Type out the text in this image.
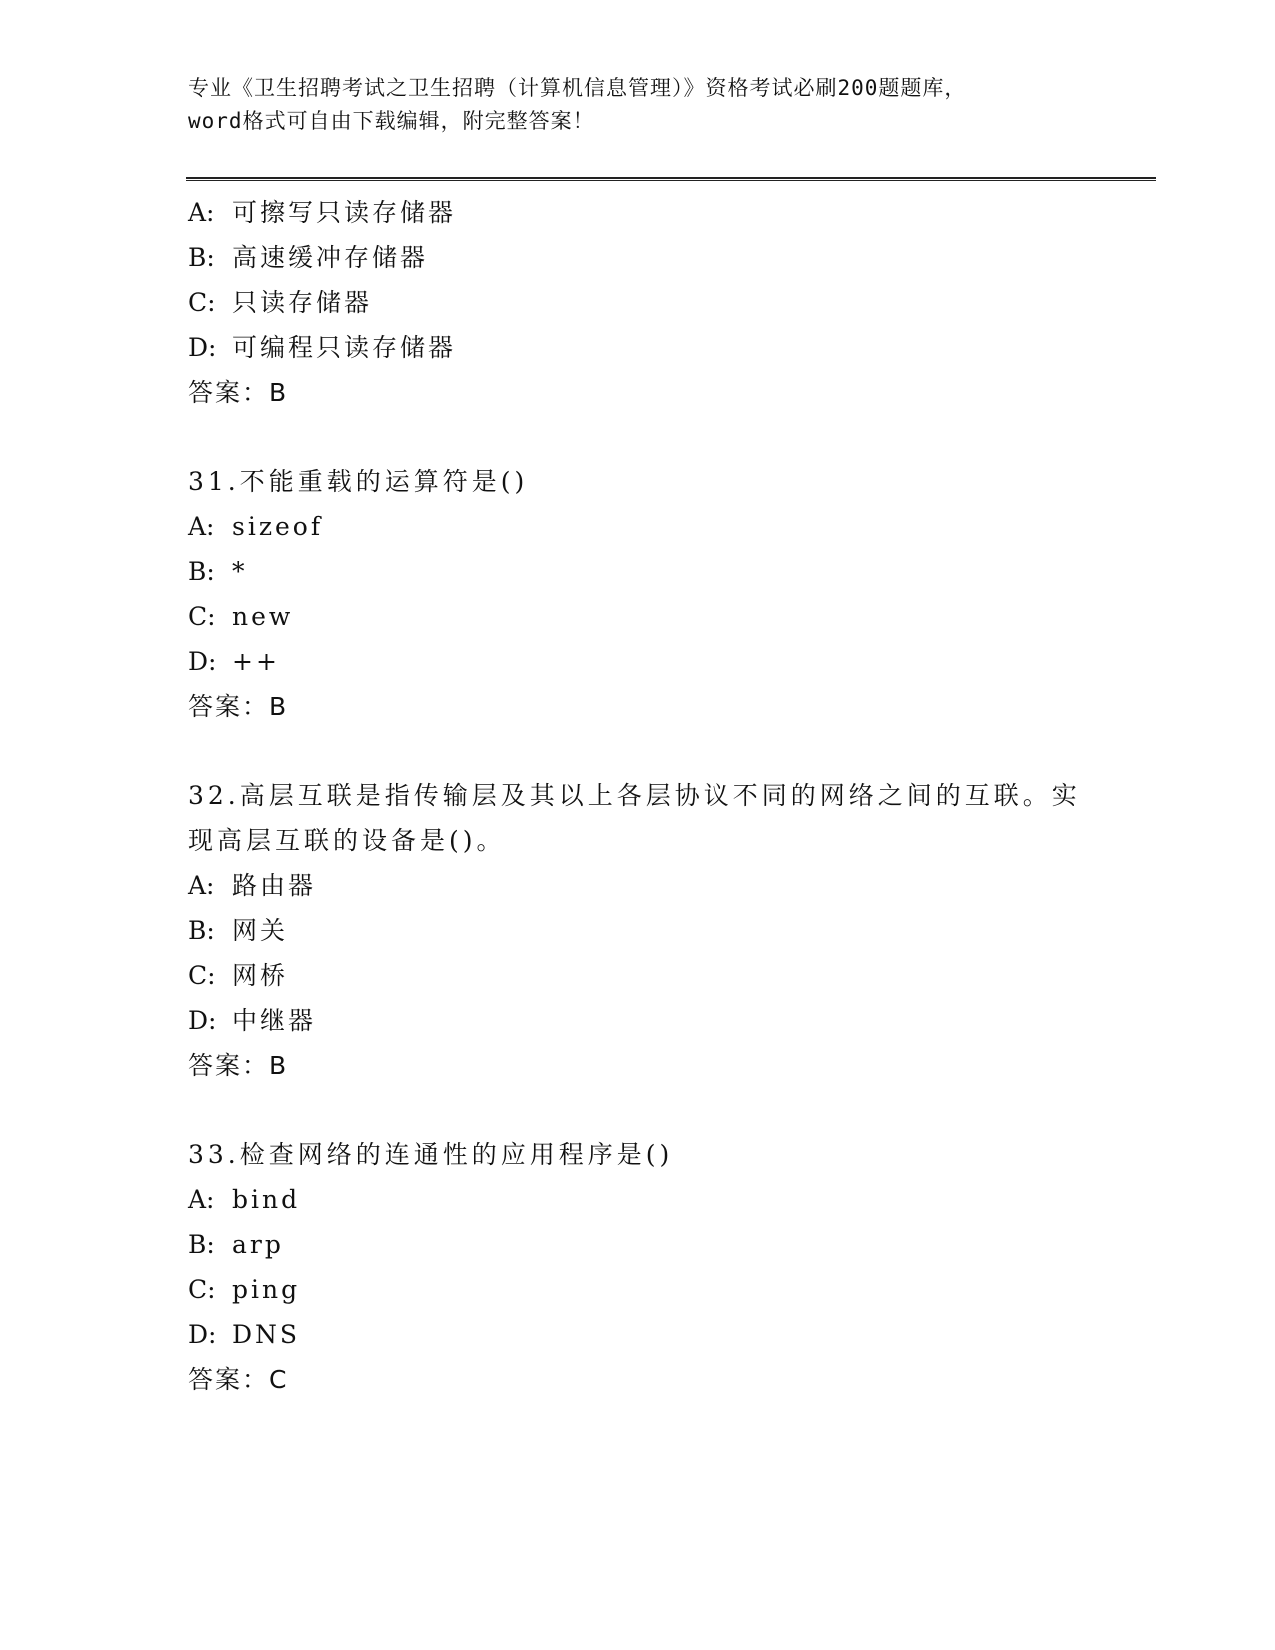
专业《卫生招聘考试之卫生招聘（计算机信息管理）》资格考试必刷200题题库，
word格式可自由下载编辑，附完整答案！
A: 可擦写只读存储器
B: 高速缓冲存储器
C: 只读存储器
D: 可编程只读存储器
答案：B
31.不能重载的运算符是()
A: sizeof
B: *
C: new
D: ++
答案：B
32.高层互联是指传输层及其以上各层协议不同的网络之间的互联。实现高层互联的设备是()。
A: 路由器
B: 网关
C: 网桥
D: 中继器
答案：B
33.检查网络的连通性的应用程序是()
A: bind
B: arp
C: ping
D: DNS
答案：C
